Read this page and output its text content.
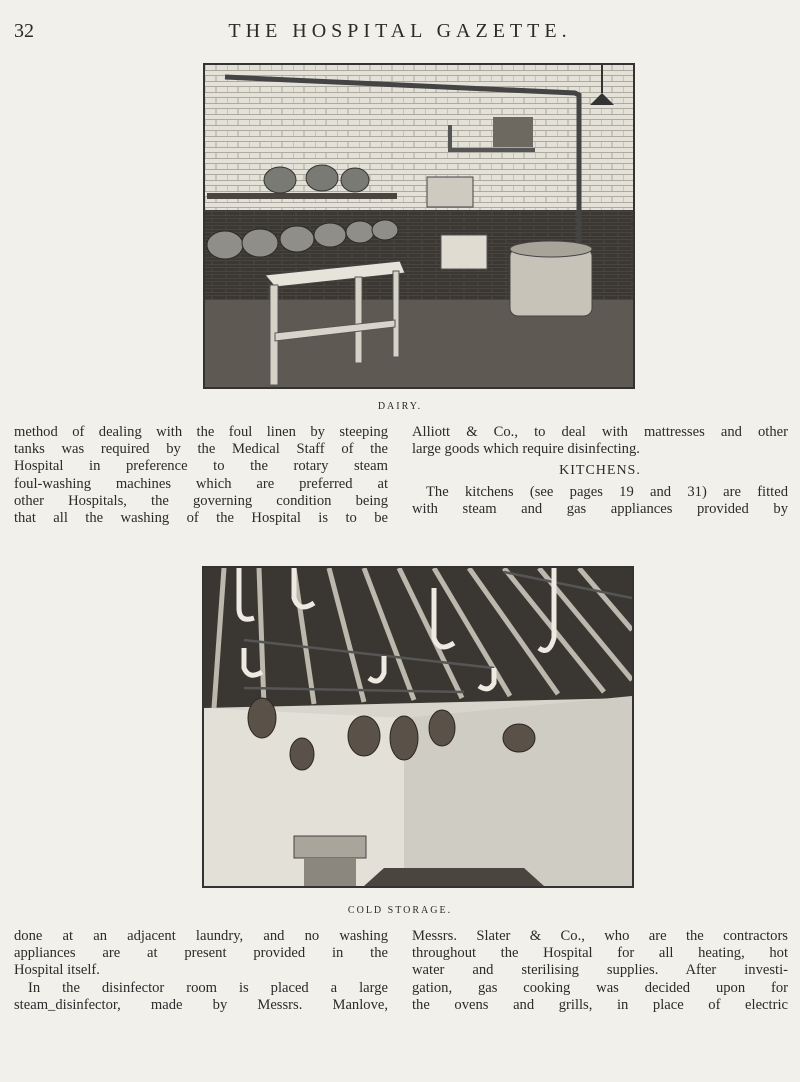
32	THE HOSPITAL GAZETTE.
DAIRY.
method of dealing with the foul linen by steeping
tanks was required by the Medical Staff of the
Hospital in preference to the rotary steam
foul-washing machines which are preferred at
other Hospitals, the governing condition being
that all the washing of the Hospital is to be
Alliott & Co., to deal with mattresses and other
large goods which require disinfecting.
KITCHENS.
The kitchens (see pages 19 and 31) are fitted
with steam and gas appliances provided by
COLD STORAGE.
done at an adjacent laundry, and no washing
appliances are at present provided in the
Hospital itself.
In the disinfector room is placed a large
steam_disinfector, made by Messrs. Manlove,
Messrs. Slater & Co., who are the contractors
throughout the Hospital for all heating, hot
water and sterilising supplies. After investi-
gation, gas cooking was decided upon for
the ovens and grills, in place of electric
